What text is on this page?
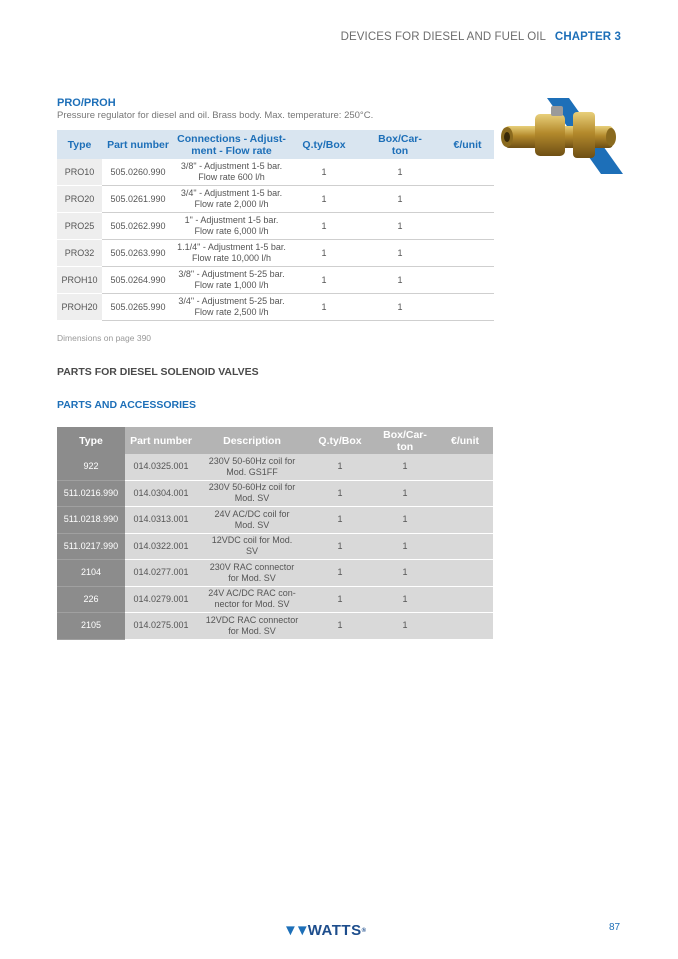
DEVICES FOR DIESEL AND FUEL OIL CHAPTER 3
PRO/PROH
Pressure regulator for diesel and oil. Brass body. Max. temperature: 250°C.
Type	Part number	Connections - Adjust-
ment - Flow rate	Q.ty/Box	Box/Car-
ton	€/unit
PRO10	505.0260.990	3/8" - Adjustment 1-5 bar.
Flow rate 600 l/h	1	1	
PRO20	505.0261.990	3/4" - Adjustment 1-5 bar.
Flow rate 2,000 l/h	1	1	
PRO25	505.0262.990	1" - Adjustment 1-5 bar.
Flow rate 6,000 l/h	1	1	
PRO32	505.0263.990	1.1/4" - Adjustment 1-5 bar.
Flow rate 10,000 l/h	1	1	
PROH10	505.0264.990	3/8" - Adjustment 5-25 bar.
Flow rate 1,000 l/h	1	1	
PROH20	505.0265.990	3/4" - Adjustment 5-25 bar.
Flow rate 2,500 l/h	1	1	
Dimensions on page 390
PARTS FOR DIESEL SOLENOID VALVES
PARTS AND ACCESSORIES
Type	Part number	Description	Q.ty/Box	Box/Car-
ton	€/unit
922	014.0325.001	230V 50-60Hz coil for
Mod. GS1FF	1	1	
511.0216.990	014.0304.001	230V 50-60Hz coil for
Mod. SV	1	1	
511.0218.990	014.0313.001	24V AC/DC coil for
Mod. SV	1	1	
511.0217.990	014.0322.001	12VDC coil for Mod.
SV	1	1	
2104	014.0277.001	230V RAC connector
for Mod. SV	1	1	
226	014.0279.001	24V AC/DC RAC con-
nector for Mod. SV	1	1	
2105	014.0275.001	12VDC RAC connector
for Mod. SV	1	1	
▼▼ WATTS ®	87
